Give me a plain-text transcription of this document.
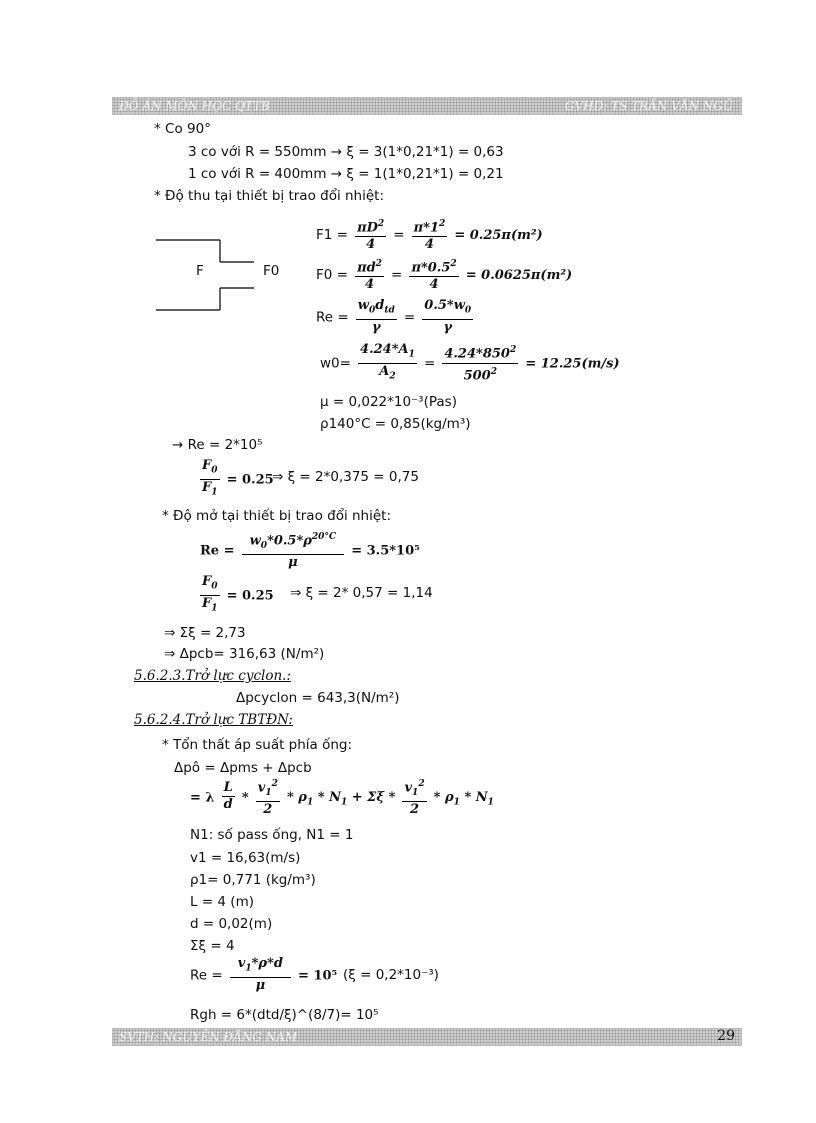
ĐỒ ÁN MÔN HỌC QTTB	GVHD: TS TRẦN VĂN NGŨ
* Co 90°
3 co với R = 550mm → ξ = 3(1*0,21*1) = 0,63
1 co với R = 400mm → ξ = 1(1*0,21*1) = 0,21
* Độ thu tại thiết bị trao đổi nhiệt:
F	F0
$F1 = \frac{\pi D^2}{4} = \frac{\pi*1^2}{4} = 0.25\pi(m^2)$
$F0 = \frac{\pi d^2}{4} = \frac{\pi*0.5^2}{4} = 0.0625\pi(m^2)$
Re =
$w_0d_{td}$
γ
= $\frac{0.5*w_0}{\gamma}$
$w0= \frac{4.24*A_1}{A_2} = \frac{4.24*850^2}{500^2} = 12.25(m/s)$
μ = 0,022*10⁻³(Pas)
ρ140°C = 0,85(kg/m³)
→ Re = 2*10⁵
$\frac{F_0}{F_1} = 0.25$
⇒ ξ = 2*0,375 = 0,75
* Độ mở tại thiết bị trao đổi nhiệt:
$Re = \frac{w_0*0.5*\rho^{20^\circ C}}{\mu} = 3.5*10^5$
$\frac{F_0}{F_1} = 0.25$ ⇒ ξ = 2* 0,57 = 1,14
⇒ Σξ = 2,73
⇒ Δpcb= 316,63 (N/m²)
5.6.2.3.Trở lực cyclon.:
Δpcyclon = 643,3(N/m²)
5.6.2.4.Trở lực TBTĐN:
* Tổn thất áp suất phía ống:
Δpô = Δpms + Δpcb
= λ $\frac{L}{d} * \frac{v_1^2}{2} * \rho_1 * N_1 + \Sigma\xi * \frac{v_1^2}{2} * \rho_1 * N_1$
N1: số pass ống, N1 = 1
v1 = 16,63(m/s)
ρ1= 0,771 (kg/m³)
L = 4 (m)
d = 0,02(m)
Σξ = 4
$Re = \frac{v_1*\rho*d}{\mu} = 10^5$ (ξ = 0,2*10⁻³)
Rgh = 6*(dtd/ξ)^(8/7)= 10⁵
SVTH: NGUYỄN ĐĂNG NAM	29
